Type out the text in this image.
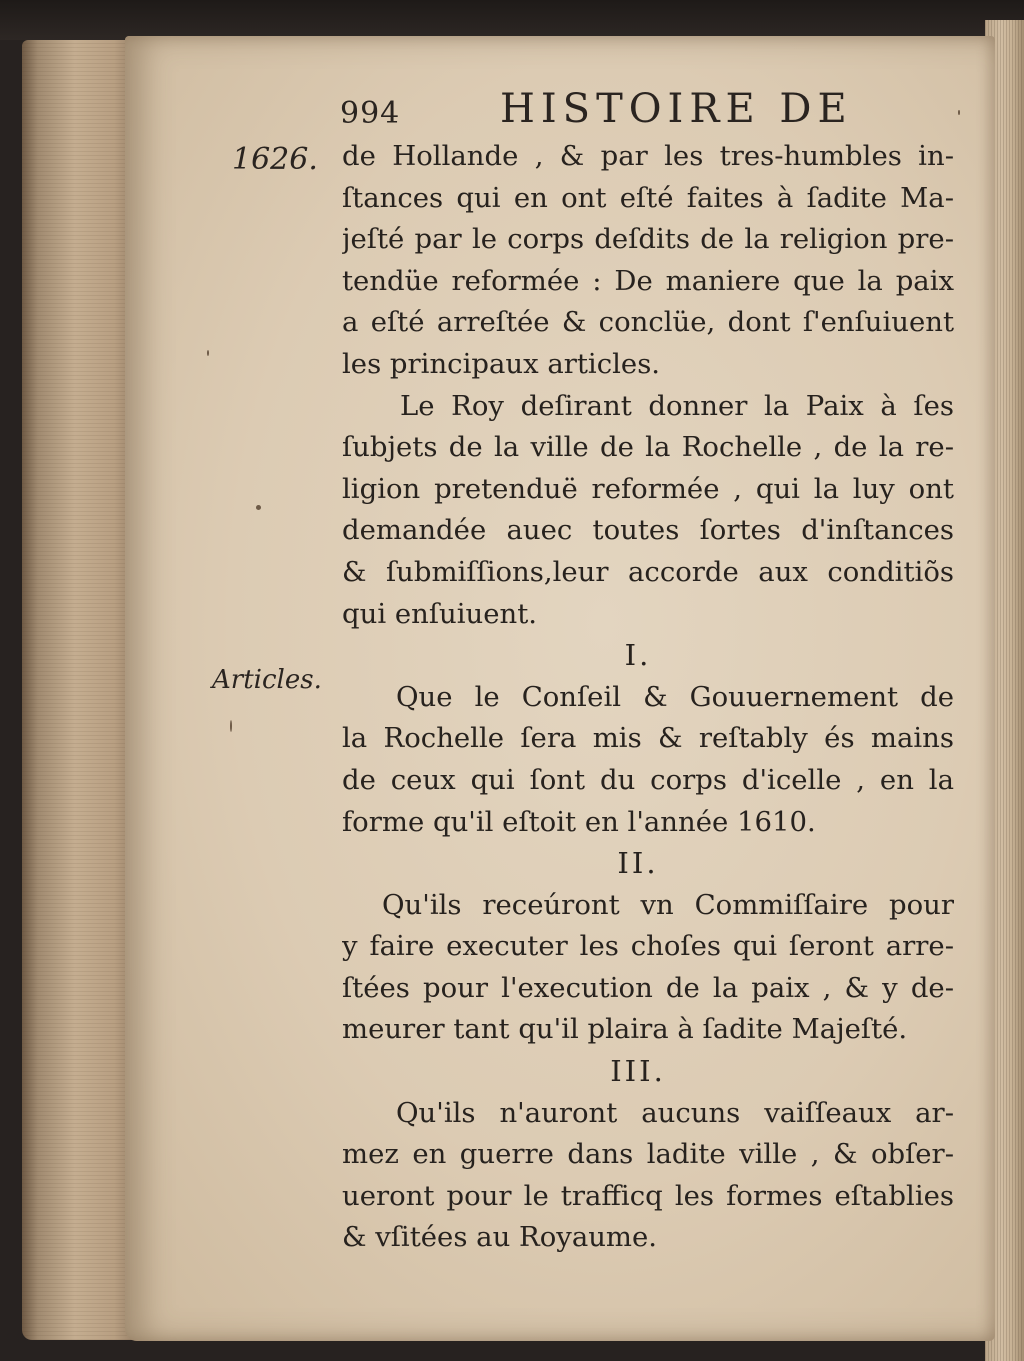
994 HISTOIRE DE
1626.
Articles.
de Hollande , & par les tres-humbles in-
ſtances qui en ont eſté faites à ſadite Ma-
jeſté par le corps deſdits de la religion pre-
tendüe reformée : De maniere que la paix
a eſté arreſtée & conclüe, dont ſ'enſuiuent
les principaux articles.
Le Roy deſirant donner la Paix à ſes
ſubjets de la ville de la Rochelle , de la re-
ligion pretenduë reformée , qui la luy ont
demandée auec toutes ſortes d'inſtances
& ſubmiſſions,leur accorde aux conditiõs
qui enſuiuent.
I.
Que le Conſeil & Gouuernement de
la Rochelle ſera mis & reſtably és mains
de ceux qui ſont du corps d'icelle , en la
forme qu'il eſtoit en l'année 1610.
II.
Qu'ils receúront vn Commiſſaire pour
y faire executer les choſes qui ſeront arre-
ſtées pour l'execution de la paix , & y de-
meurer tant qu'il plaira à ſadite Majeſté.
III.
Qu'ils n'auront aucuns vaiſſeaux ar-
mez en guerre dans ladite ville , & obſer-
ueront pour le trafficq les formes eſtablies
& vſitées au Royaume.
